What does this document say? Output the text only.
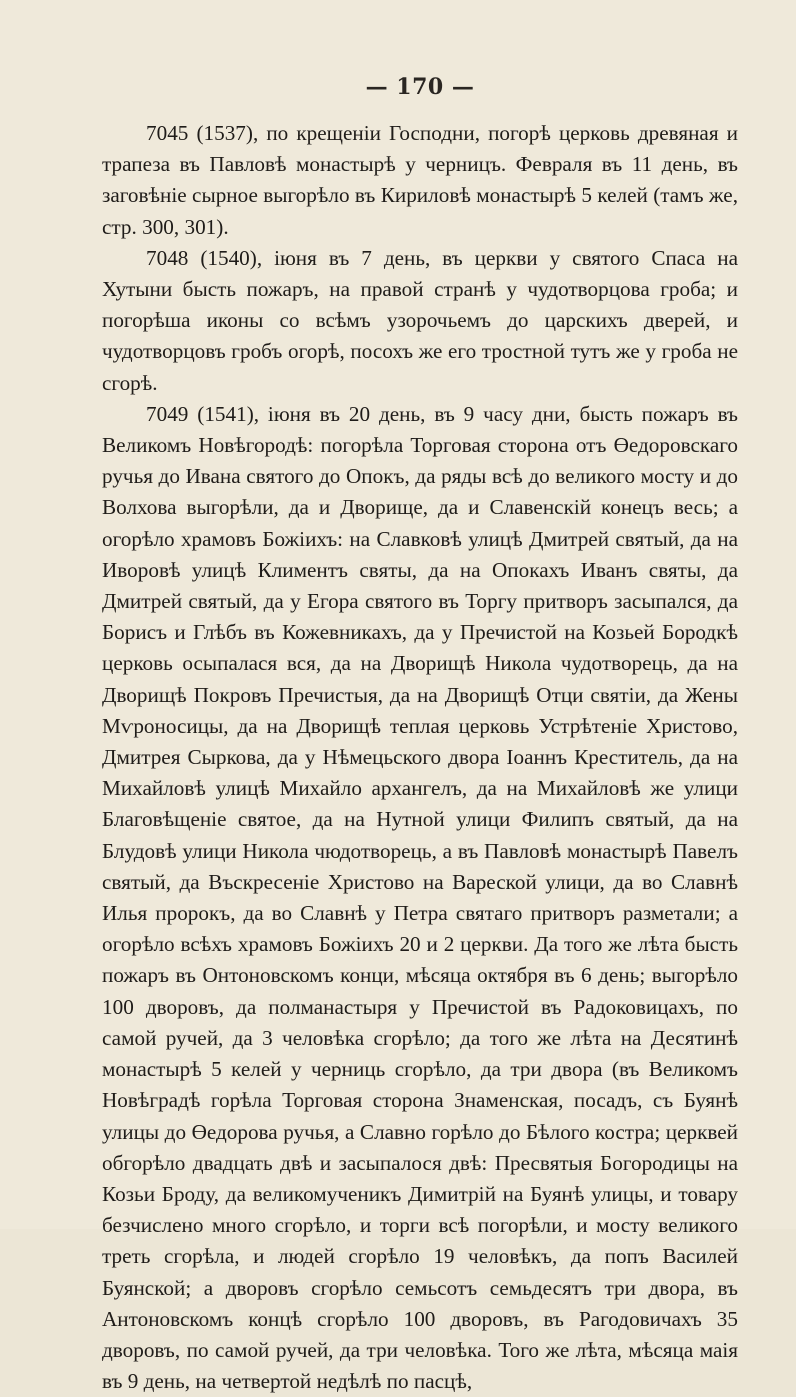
— 170 —

7045 (1537), по крещеніи Господни, погорѣ церковь древяная и трапеза въ Павловѣ монастырѣ у черницъ. Февраля въ 11 день, въ заговѣніе сырное выгорѣло въ Кириловѣ монастырѣ 5 келей (тамъ же, стр. 300, 301).

7048 (1540), іюня въ 7 день, въ церкви у святого Спаса на Хутыни бысть пожаръ, на правой странѣ у чудотворцова гроба; и погорѣша иконы со всѣмъ узорочьемъ до царскихъ дверей, и чудотворцовъ гробъ огорѣ, посохъ же его тростной тутъ же у гроба не сгорѣ.

7049 (1541), іюня въ 20 день, въ 9 часу дни, бысть пожаръ въ Великомъ Новѣгородѣ: погорѣла Торговая сторона отъ Өедоровскаго ручья до Ивана святого до Опокъ, да ряды всѣ до великого мосту и до Волхова выгорѣли, да и Дворище, да и Славенскій конецъ весь; а огорѣло храмовъ Божіихъ: на Славковѣ улицѣ Дмитрей святый, да на Иворовѣ улицѣ Климентъ святы, да на Опокахъ Иванъ святы, да Дмитрей святый, да у Егора святого въ Торгу притворъ засыпался, да Борисъ и Глѣбъ въ Кожевникахъ, да у Пречистой на Козьей Бородкѣ церковь осыпалася вся, да на Дворищѣ Никола чудотворець, да на Дворищѣ Покровъ Пречистыя, да на Дворищѣ Отци святіи, да Жены Мѵроносицы, да на Дворищѣ теплая церковь Устрѣтеніе Христово, Дмитрея Сыркова, да у Нѣмецьского двора Іоаннъ Креститель, да на Михайловѣ улицѣ Михайло архангелъ, да на Михайловѣ же улици Благовѣщеніе святое, да на Нутной улици Филипъ святый, да на Блудовѣ улици Никола чюдотворець, а въ Павловѣ монастырѣ Павелъ святый, да Въскресеніе Христово на Вареской улици, да во Славнѣ Илья пророкъ, да во Славнѣ у Петра святаго притворъ разметали; а огорѣло всѣхъ храмовъ Божіихъ 20 и 2 церкви. Да того же лѣта бысть пожаръ въ Онтоновскомъ конци, мѣсяца октября въ 6 день; выгорѣло 100 дворовъ, да полманастыря у Пречистой въ Радоковицахъ, по самой ручей, да 3 человѣка сгорѣло; да того же лѣта на Десятинѣ монастырѣ 5 келей у черниць сгорѣло, да три двора (въ Великомъ Новѣградѣ горѣла Торговая сторона Знаменская, посадъ, съ Буянѣ улицы до Өедорова ручья, а Славно горѣло до Бѣлого костра; церквей обгорѣло двадцать двѣ и засыпалося двѣ: Пресвятыя Богородицы на Козьи Броду, да великомученикъ Димитрій на Буянѣ улицы, и товару безчислено много сгорѣло, и торги всѣ погорѣли, и мосту великого треть сгорѣла, и людей сгорѣло 19 человѣкъ, да попъ Василей Буянской; а дворовъ сгорѣло семьсотъ семьдесятъ три двора, въ Антоновскомъ концѣ сгорѣло 100 дворовъ, въ Рагодовичахъ 35 дворовъ, по самой ручей, да три человѣка. Того же лѣта, мѣсяца маія въ 9 день, на четвертой недѣлѣ по пасцѣ,
